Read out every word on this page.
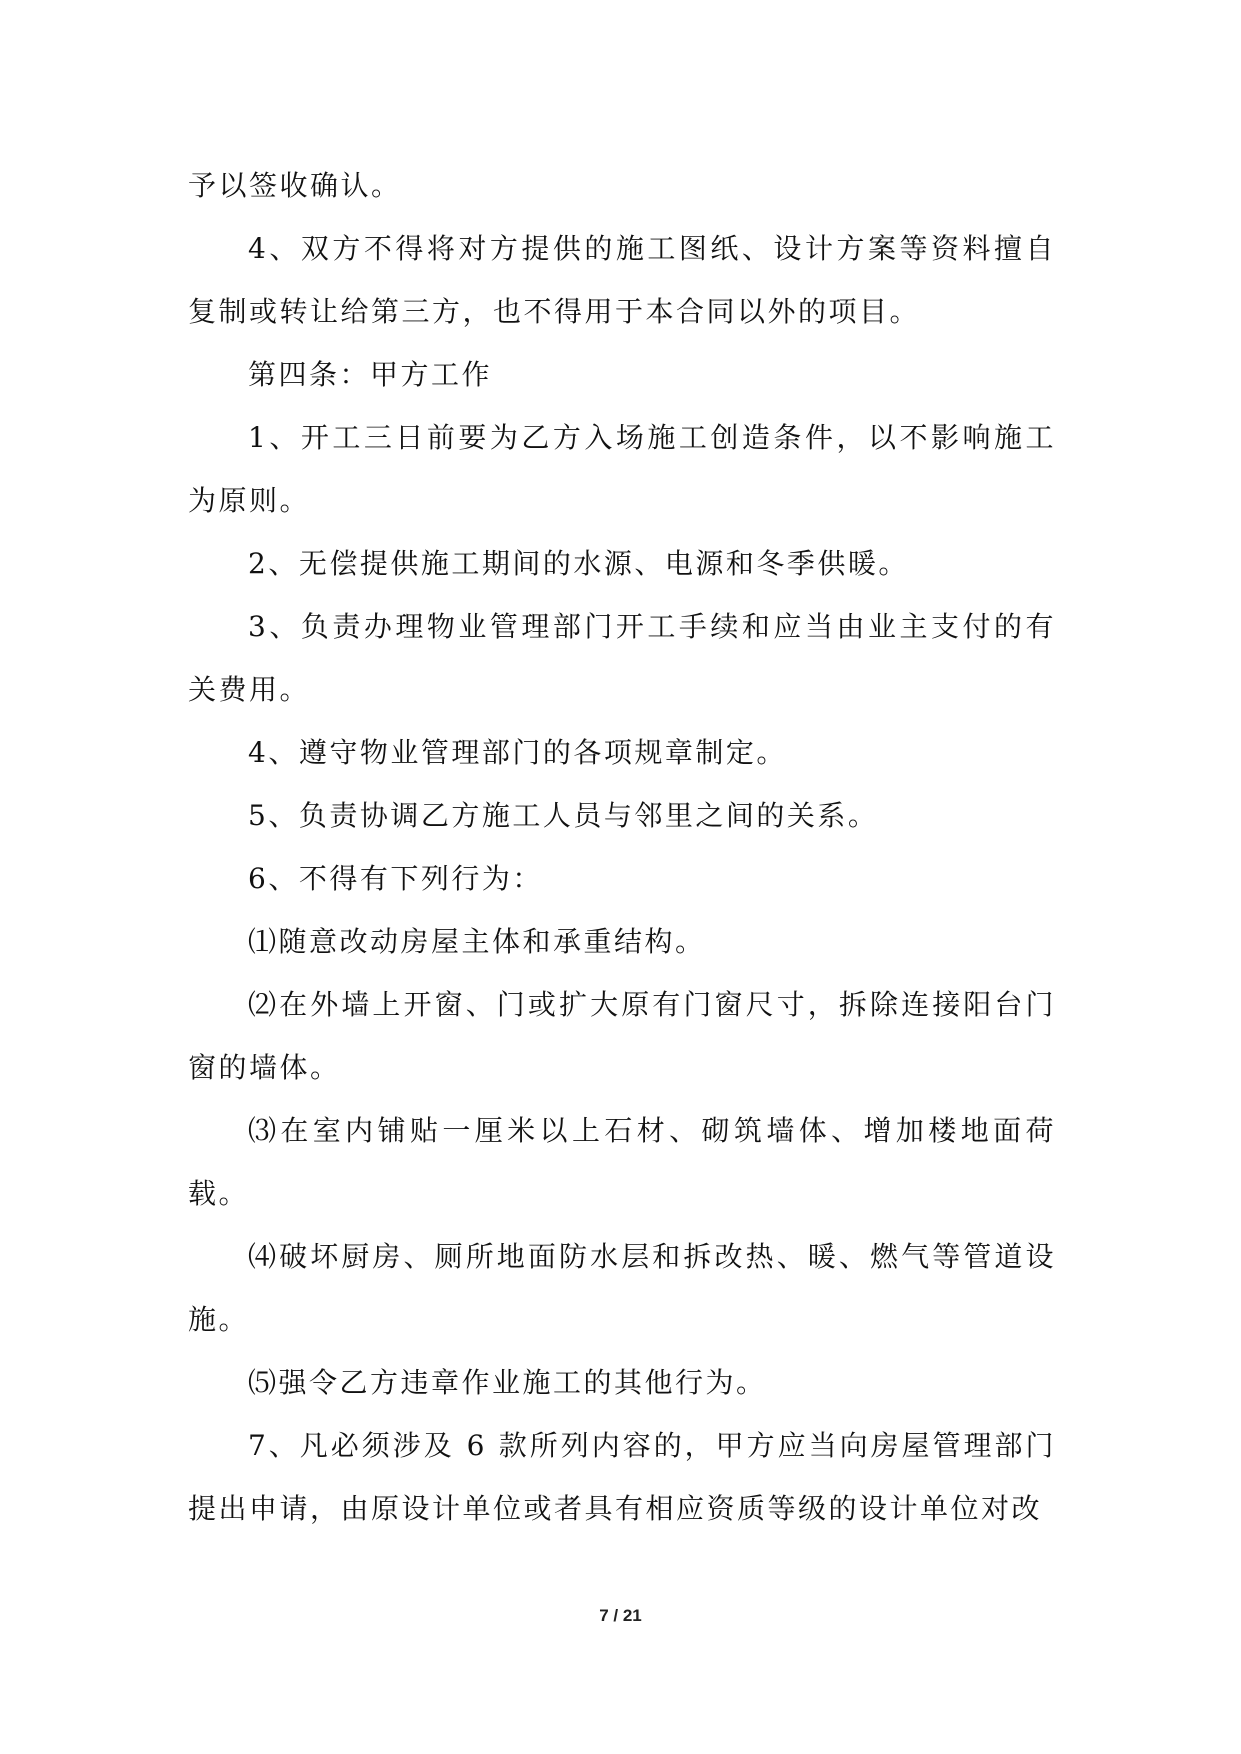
予以签收确认。

4、双方不得将对方提供的施工图纸、设计方案等资料擅自复制或转让给第三方，也不得用于本合同以外的项目。

第四条：甲方工作

1、开工三日前要为乙方入场施工创造条件，以不影响施工为原则。

2、无偿提供施工期间的水源、电源和冬季供暖。

3、负责办理物业管理部门开工手续和应当由业主支付的有关费用。

4、遵守物业管理部门的各项规章制定。

5、负责协调乙方施工人员与邻里之间的关系。

6、不得有下列行为：

⑴随意改动房屋主体和承重结构。

⑵在外墙上开窗、门或扩大原有门窗尺寸，拆除连接阳台门窗的墙体。

⑶在室内铺贴一厘米以上石材、砌筑墙体、增加楼地面荷载。

⑷破坏厨房、厕所地面防水层和拆改热、暖、燃气等管道设施。

⑸强令乙方违章作业施工的其他行为。

7、凡必须涉及 6 款所列内容的，甲方应当向房屋管理部门提出申请，由原设计单位或者具有相应资质等级的设计单位对改

7 / 21
